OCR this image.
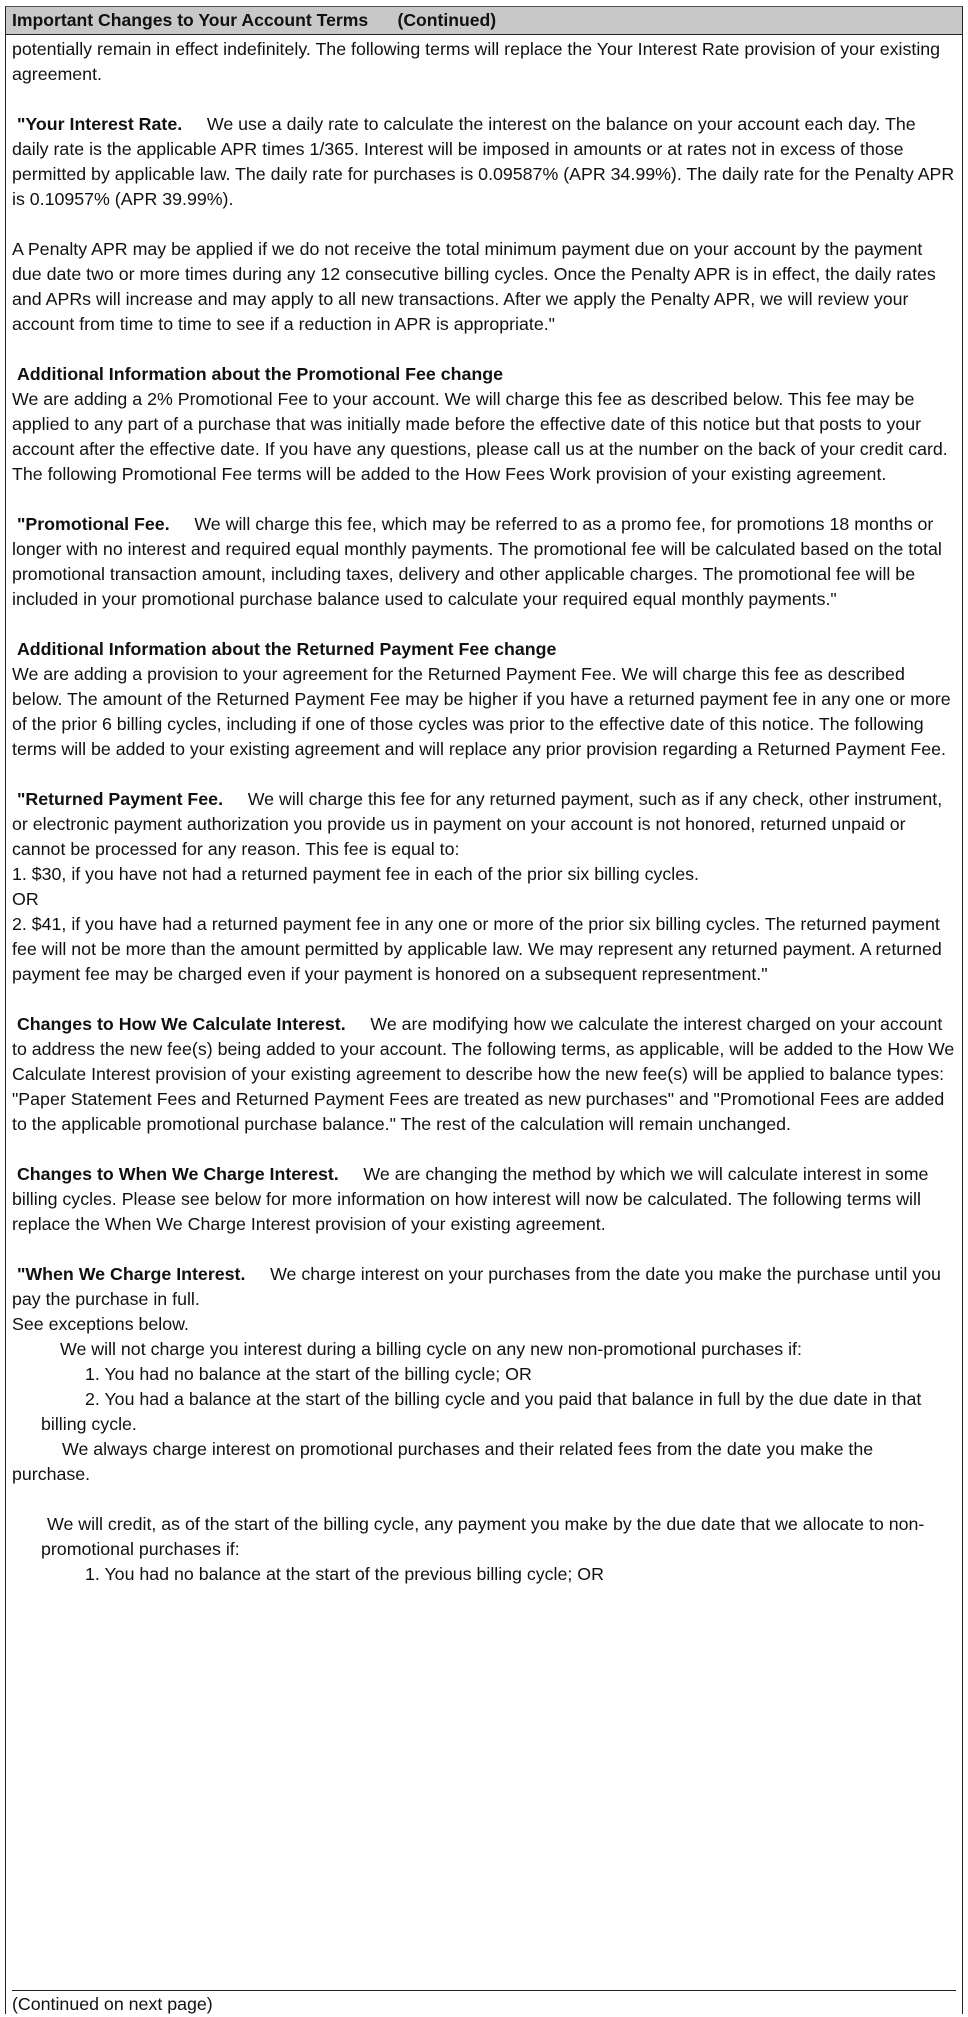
Important Changes to Your Account Terms      (Continued)

potentially remain in effect indefinitely. The following terms will replace the Your Interest Rate provision of your existing agreement.

"Your Interest Rate. We use a daily rate to calculate the interest on the balance on your account each day. The daily rate is the applicable APR times 1/365. Interest will be imposed in amounts or at rates not in excess of those permitted by applicable law. The daily rate for purchases is 0.09587% (APR 34.99%). The daily rate for the Penalty APR is 0.10957% (APR 39.99%).

A Penalty APR may be applied if we do not receive the total minimum payment due on your account by the payment due date two or more times during any 12 consecutive billing cycles. Once the Penalty APR is in effect, the daily rates and APRs will increase and may apply to all new transactions. After we apply the Penalty APR, we will review your account from time to time to see if a reduction in APR is appropriate."

Additional Information about the Promotional Fee change

We are adding a 2% Promotional Fee to your account. We will charge this fee as described below. This fee may be applied to any part of a purchase that was initially made before the effective date of this notice but that posts to your account after the effective date. If you have any questions, please call us at the number on the back of your credit card. The following Promotional Fee terms will be added to the How Fees Work provision of your existing agreement.

"Promotional Fee. We will charge this fee, which may be referred to as a promo fee, for promotions 18 months or longer with no interest and required equal monthly payments. The promotional fee will be calculated based on the total promotional transaction amount, including taxes, delivery and other applicable charges. The promotional fee will be included in your promotional purchase balance used to calculate your required equal monthly payments."

Additional Information about the Returned Payment Fee change

We are adding a provision to your agreement for the Returned Payment Fee. We will charge this fee as described below. The amount of the Returned Payment Fee may be higher if you have a returned payment fee in any one or more of the prior 6 billing cycles, including if one of those cycles was prior to the effective date of this notice. The following terms will be added to your existing agreement and will replace any prior provision regarding a Returned Payment Fee.

"Returned Payment Fee. We will charge this fee for any returned payment, such as if any check, other instrument, or electronic payment authorization you provide us in payment on your account is not honored, returned unpaid or cannot be processed for any reason. This fee is equal to:

1. $30, if you have not had a returned payment fee in each of the prior six billing cycles.

OR

2. $41, if you have had a returned payment fee in any one or more of the prior six billing cycles. The returned payment fee will not be more than the amount permitted by applicable law. We may represent any returned payment. A returned payment fee may be charged even if your payment is honored on a subsequent representment."

Changes to How We Calculate Interest. We are modifying how we calculate the interest charged on your account to address the new fee(s) being added to your account. The following terms, as applicable, will be added to the How We Calculate Interest provision of your existing agreement to describe how the new fee(s) will be applied to balance types: "Paper Statement Fees and Returned Payment Fees are treated as new purchases" and "Promotional Fees are added to the applicable promotional purchase balance." The rest of the calculation will remain unchanged.

Changes to When We Charge Interest. We are changing the method by which we will calculate interest in some billing cycles. Please see below for more information on how interest will now be calculated. The following terms will replace the When We Charge Interest provision of your existing agreement.

"When We Charge Interest. We charge interest on your purchases from the date you make the purchase until you pay the purchase in full.

See exceptions below.

We will not charge you interest during a billing cycle on any new non-promotional purchases if:

1. You had no balance at the start of the billing cycle; OR

2. You had a balance at the start of the billing cycle and you paid that balance in full by the due date in that billing cycle.

We always charge interest on promotional purchases and their related fees from the date you make the purchase.

We will credit, as of the start of the billing cycle, any payment you make by the due date that we allocate to non-promotional purchases if:

1. You had no balance at the start of the previous billing cycle; OR

(Continued on next page)
